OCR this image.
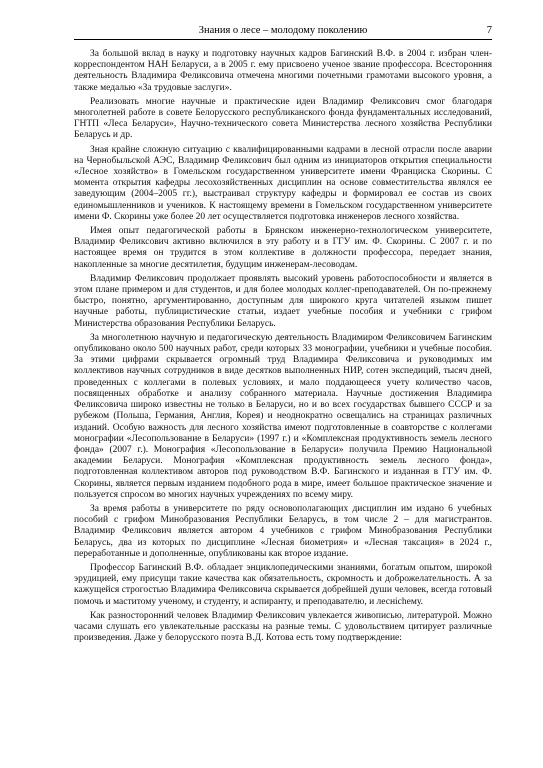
Знания о лесе – молодому поколению	7

За большой вклад в науку и подготовку научных кадров Багинский В.Ф. в 2004 г. избран член-корреспондентом НАН Беларуси, а в 2005 г. ему присвоено ученое звание профессора. Всесторонняя деятельность Владимира Феликсовича отмечена многими почетными грамотами высокого уровня, а также медалью «За трудовые заслуги».

Реализовать многие научные и практические идеи Владимир Феликсович смог благодаря многолетней работе в совете Белорусского республиканского фонда фундаментальных исследований, ГНТП «Леса Беларуси», Научно-технического совета Министерства лесного хозяйства Республики Беларусь и др.

Зная крайне сложную ситуацию с квалифицированными кадрами в лесной отрасли после аварии на Чернобыльской АЭС, Владимир Феликсович был одним из инициаторов открытия специальности «Лесное хозяйство» в Гомельском государственном университете имени Франциска Скорины. С момента открытия кафедры лесохозяйственных дисциплин на основе совместительства являлся ее заведующим (2004–2005 гг.), выстраивал структуру кафедры и формировал ее состав из своих единомышленников и учеников. К настоящему времени в Гомельском государственном университете имени Ф. Скорины уже более 20 лет осуществляется подготовка инженеров лесного хозяйства.

Имея опыт педагогической работы в Брянском инженерно-технологическом университете, Владимир Феликсович активно включился в эту работу и в ГГУ им. Ф. Скорины. С 2007 г. и по настоящее время он трудится в этом коллективе в должности профессора, передает знания, накопленные за многие десятилетия, будущим инженерам-лесоводам.

Владимир Феликсович продолжает проявлять высокий уровень работоспособности и является в этом плане примером и для студентов, и для более молодых коллег-преподавателей. Он по-прежнему быстро, понятно, аргументированно, доступным для широкого круга читателей языком пишет научные работы, публицистические статьи, издает учебные пособия и учебники с грифом Министерства образования Республики Беларусь.

За многолетнюю научную и педагогическую деятельность Владимиром Феликсовичем Багинским опубликовано около 500 научных работ, среди которых 33 монографии, учебники и учебные пособия. За этими цифрами скрывается огромный труд Владимира Феликсовича и руководимых им коллективов научных сотрудников в виде десятков выполненных НИР, сотен экспедиций, тысяч дней, проведенных с коллегами в полевых условиях, и мало поддающееся учету количество часов, посвященных обработке и анализу собранного материала. Научные достижения Владимира Феликсовича широко известны не только в Беларуси, но и во всех государствах бывшего СССР и за рубежом (Польша, Германия, Англия, Корея) и неоднократно освещались на страницах различных изданий. Особую важность для лесного хозяйства имеют подготовленные в соавторстве с коллегами монографии «Лесопользование в Беларуси» (1997 г.) и «Комплексная продуктивность земель лесного фонда» (2007 г.). Монография «Лесопользование в Беларуси» получила Премию Национальной академии Беларуси. Монография «Комплексная продуктивность земель лесного фонда», подготовленная коллективом авторов под руководством В.Ф. Багинского и изданная в ГГУ им. Ф. Скорины, является первым изданием подобного рода в мире, имеет большое практическое значение и пользуется спросом во многих научных учреждениях по всему миру.

За время работы в университете по ряду основополагающих дисциплин им издано 6 учебных пособий с грифом Минобразования Республики Беларусь, в том числе 2 – для магистрантов. Владимир Феликсович является автором 4 учебников с грифом Минобразования Республики Беларусь, два из которых по дисциплине «Лесная биометрия» и «Лесная таксация» в 2024 г., переработанные и дополненные, опубликованы как второе издание.

Профессор Багинский В.Ф. обладает энциклопедическими знаниями, богатым опытом, широкой эрудицией, ему присущи такие качества как обязательность, скромность и доброжелательность. А за кажущейся строгостью Владимира Феликсовича скрывается добрейшей души человек, всегда готовый помочь и маститому ученому, и студенту, и аспиранту, и преподавателю, и леснichему.

Как разносторонний человек Владимир Феликсович увлекается живописью, литературой. Можно часами слушать его увлекательные рассказы на разные темы. С удовольствием цитирует различные произведения. Даже у белорусского поэта В.Д. Котова есть тому подтверждение:
